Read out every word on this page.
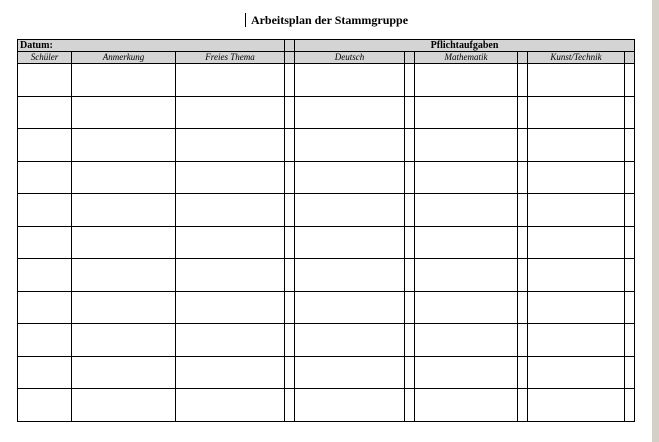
Arbeitsplan der Stammgruppe
Datum:				Pflichtaufgaben					
Schüler	Anmerkung	Freies Thema		Deutsch		Mathematik		Kunst/Technik	
